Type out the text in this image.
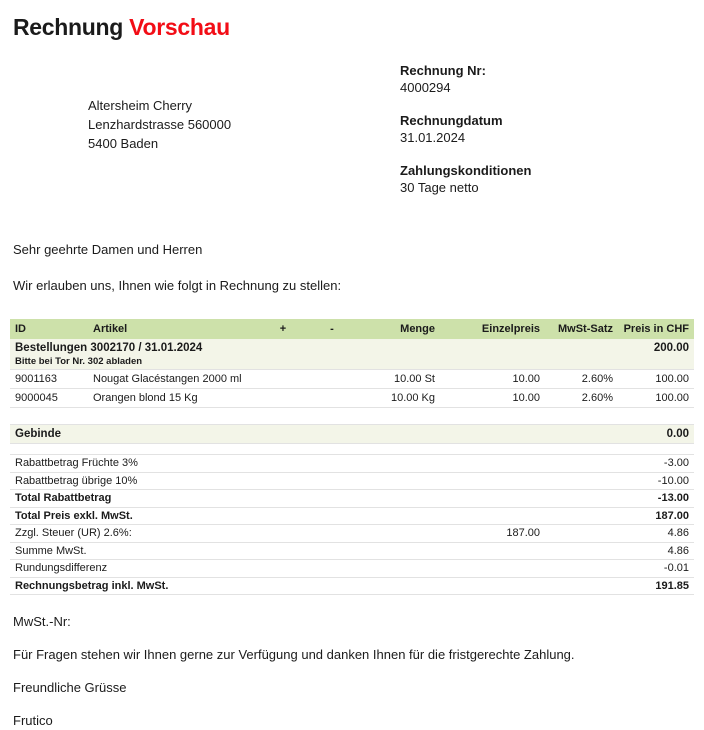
Rechnung Vorschau
Altersheim Cherry
Lenzhardstrasse 560000
5400 Baden
Rechnung Nr:
4000294
Rechnungdatum
31.01.2024
Zahlungskonditionen
30 Tage netto

Sehr geehrte Damen und Herren

Wir erlauben uns, Ihnen wie folgt in Rechnung zu stellen:

ID	Artikel	+	-	Menge	Einzelpreis	MwSt-Satz	Preis in CHF
Bestellungen 3002170 / 31.01.2024							200.00
Bitte bei Tor Nr. 302 abladen							
9001163	Nougat Glacéstangen 2000 ml			10.00 St	10.00	2.60%	100.00
9000045	Orangen blond 15 Kg			10.00 Kg	10.00	2.60%	100.00

Gebinde							0.00

Rabattbetrag Früchte 3%							-3.00
Rabattbetrag übrige 10%							-10.00
Total Rabattbetrag							-13.00
Total Preis exkl. MwSt.							187.00
Zzgl. Steuer (UR) 2.6%:					187.00		4.86
Summe MwSt.							4.86
Rundungsdifferenz							-0.01
Rechnungsbetrag inkl. MwSt.							191.85

MwSt.-Nr:

Für Fragen stehen wir Ihnen gerne zur Verfügung und danken Ihnen für die fristgerechte Zahlung.

Freundliche Grüsse

Frutico
